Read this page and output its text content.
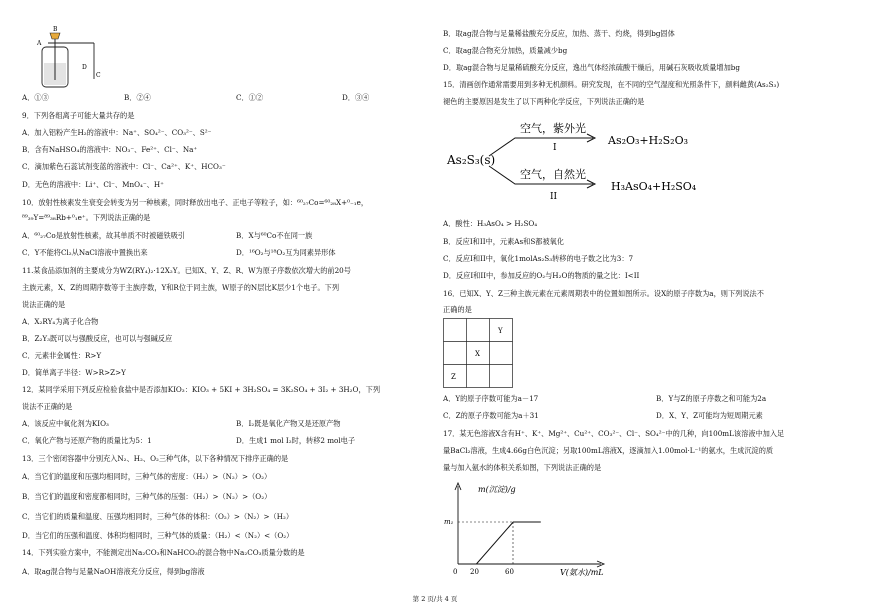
A
B
C
D
A．①③	B．②④	C．①②	D．③④
9．下列各组离子可能大量共存的是
A．加入铝粉产生H₂的溶液中：Na⁺、SO₄²⁻、CO₃²⁻、S²⁻
B．含有NaHSO₄的溶液中：NO₃⁻、Fe²⁺、Cl⁻、Na⁺
C．滴加紫色石蕊试剂变蓝的溶液中：Cl⁻、Ca²⁺、K⁺、HCO₃⁻
D．无色的溶液中：Li⁺、Cl⁻、MnO₄⁻、H⁺
10．放射性核素发生衰变会转变为另一种核素，同时释放出电子、正电子等粒子，如：⁶⁰₂₇Co=⁶⁰₂₈X+⁰₋₁e，
⁸⁹₃₉Y=⁸⁹₃₈Rb+⁰₁e⁺。下列说法正确的是
A．⁶⁰₂₇Co是放射性核素，故其单质不时被磁铁吸引	B．X与⁶⁰Co不在同一族
C．Y不能将Cl₂从NaCl溶液中置换出来	D．¹⁶O₂与¹⁸O₂互为同素异形体
11.某食品添加剂的主要成分为WZ(RY₄)₂·12X₂Y。已知X、Y、Z、R、W为原子序数依次增大的前20号
主族元素，X、Z的周期序数等于主族序数，Y和R位于同主族，W原子的N层比K层少1个电子。下列
说法正确的是
A．X₂RY₄为离子化合物
B．Z₂Y₃既可以与强酸反应，也可以与强碱反应
C．元素非金属性：R>Y
D．简单离子半径：W>R>Z>Y
12．某同学采用下列反应检验食盐中是否添加KIO₃：KIO₃ + 5KI + 3H₂SO₄ = 3K₂SO₄ + 3I₂ + 3H₂O，下列
说法不正确的是
A．该反应中氧化剂为KIO₃	B．I₂既是氧化产物又是还原产物
C．氧化产物与还原产物的质量比为5：1	D．生成1 mol I₂时，转移2 mol电子
13．三个密闭容器中分别充入N₂、H₂、O₂三种气体，以下各种情况下排序正确的是
A．当它们的温度和压强均相同时，三种气体的密度：（H₂）>（N₂）>（O₂）
B．当它们的温度和密度都相同时，三种气体的压强：（H₂）>（N₂）>（O₂）
C．当它们的质量和温度、压强均相同时，三种气体的体积：（O₂）>（N₂）>（H₂）
D．当它们的压强和温度、体积均相同时，三种气体的质量：（H₂）<（N₂）<（O₂）
14．下列实验方案中，不能测定出Na₂CO₃和NaHCO₃的混合物中Na₂CO₃质量分数的是
A．取ag混合物与足量NaOH溶液充分反应，得到bg溶液
B．取ag混合物与足量稀盐酸充分反应，加热、蒸干、灼烧，得到bg固体
C．取ag混合物充分加热，质量减少bg
D．取ag混合物与足量稀硫酸充分反应，逸出气体经浓硫酸干燥后，用碱石灰吸收质量增加bg
15．清画创作通常需要用到多种无机颜料。研究发现，在不同的空气湿度和光照条件下，颜料雌黄(As₂S₃)
褪色的主要原因是发生了以下两种化学反应，下列说法正确的是
As₂S₃(s)
空气，紫外光
I
As₂O₃+H₂S₂O₃
空气，自然光
II
H₃AsO₄+H₂SO₄
A．酸性：H₃AsO₄ > H₂SO₄
B．反应I和II中，元素As和S都被氧化
C．反应I和II中，氧化1molAs₂S₃转移的电子数之比为3：7
D．反应I和II中，参加反应的O₂与H₂O的物质的量之比：I<II
16．已知X、Y、Z三种主族元素在元素周期表中的位置如图所示。设X的原子序数为a，则下列说法不
正确的是
Y
X
Z
A．Y的原子序数可能为a－17	B．Y与Z的原子序数之和可能为2a
C．Z的原子序数可能为a＋31	D．X、Y、Z可能均为短周期元素
17．某无色溶液X含有H⁺、K⁺、Mg²⁺、Cu²⁺、CO₃²⁻、Cl⁻、SO₄²⁻中的几种，向100mL该溶液中加入足
量BaCl₂溶液，生成4.66g白色沉淀；另取100mL溶液X，逐滴加入1.00mol·L⁻¹的氨水，生成沉淀的质
量与加入氨水的体积关系如图，下列说法正确的是
m(沉淀)/g
V(氨水)/mL
m₁
0 20	60
第 2 页/共 4 页
